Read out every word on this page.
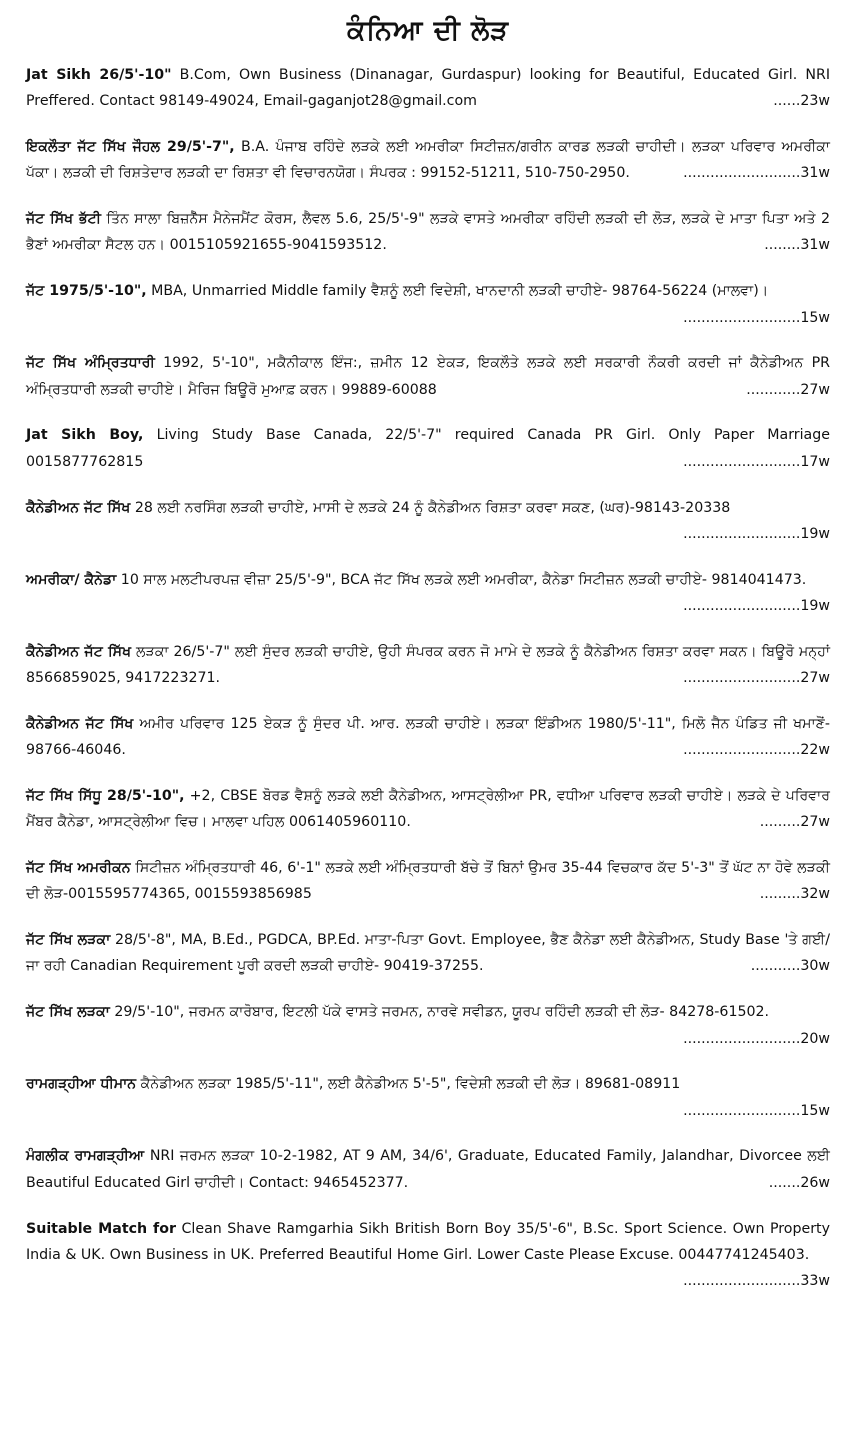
ਕੰਨਿਆ ਦੀ ਲੋੜ

Jat Sikh 26/5'-10" B.Com, Own Business (Dinanagar, Gurdaspur) looking for Beautiful, Educated Girl. NRI Preffered. Contact 98149-49024, Email-gaganjot28@gmail.com	......23w

ਇਕਲੌਤਾ ਜੱਟ ਸਿੱਖ ਜੌਹਲ 29/5'-7", B.A. ਪੰਜਾਬ ਰਹਿੰਦੇ ਲੜਕੇ ਲਈ ਅਮਰੀਕਾ ਸਿਟੀਜ਼ਨ/ਗਰੀਨ ਕਾਰਡ ਲੜਕੀ ਚਾਹੀਦੀ। ਲੜਕਾ ਪਰਿਵਾਰ ਅਮਰੀਕਾ ਪੱਕਾ। ਲੜਕੀ ਦੀ ਰਿਸ਼ਤੇਦਾਰ ਲੜਕੀ ਦਾ ਰਿਸ਼ਤਾ ਵੀ ਵਿਚਾਰਨਯੋਗ। ਸੰਪਰਕ : 99152-51211, 510-750-2950.	..........................31w

ਜੱਟ ਸਿੱਖ ਭੱਟੀ ਤਿੰਨ ਸਾਲਾ ਬਿਜ਼ਨੈੱਸ ਮੈਨੇਜਮੈਂਟ ਕੋਰਸ, ਲੈਵਲ 5.6, 25/5'-9" ਲੜਕੇ ਵਾਸਤੇ ਅਮਰੀਕਾ ਰਹਿੰਦੀ ਲੜਕੀ ਦੀ ਲੋੜ, ਲੜਕੇ ਦੇ ਮਾਤਾ ਪਿਤਾ ਅਤੇ 2 ਭੈਣਾਂ ਅਮਰੀਕਾ ਸੈਟਲ ਹਨ। 0015105921655-9041593512.	........31w

ਜੱਟ 1975/5'-10", MBA, Unmarried Middle family ਵੈਸ਼ਨੂੰ ਲਈ ਵਿਦੇਸ਼ੀ, ਖਾਨਦਾਨੀ ਲੜਕੀ ਚਾਹੀਏ- 98764-56224 (ਮਾਲਵਾ)।
..........................15w

ਜੱਟ ਸਿੱਖ ਅੰਮ੍ਰਿਤਧਾਰੀ 1992, 5'-10", ਮਕੈਨੀਕਾਲ ਇੰਜ:, ਜ਼ਮੀਨ 12 ਏਕੜ, ਇਕਲੌਤੇ ਲੜਕੇ ਲਈ ਸਰਕਾਰੀ ਨੌਕਰੀ ਕਰਦੀ ਜਾਂ ਕੈਨੇਡੀਅਨ PR ਅੰਮ੍ਰਿਤਧਾਰੀ ਲੜਕੀ ਚਾਹੀਏ। ਮੈਰਿਜ ਬਿਊਰੋ ਮੁਆਫ਼ ਕਰਨ। 99889-60088	............27w

Jat Sikh Boy, Living Study Base Canada, 22/5'-7" required Canada PR Girl. Only Paper Marriage 0015877762815	..........................17w

ਕੈਨੇਡੀਅਨ ਜੱਟ ਸਿੱਖ 28 ਲਈ ਨਰਸਿੰਗ ਲੜਕੀ ਚਾਹੀਏ, ਮਾਸੀ ਦੇ ਲੜਕੇ 24 ਨੂੰ ਕੈਨੇਡੀਅਨ ਰਿਸ਼ਤਾ ਕਰਵਾ ਸਕਣ, (ਘਰ)-98143-20338
..........................19w

ਅਮਰੀਕਾ/ ਕੈਨੇਡਾ 10 ਸਾਲ ਮਲਟੀਪਰਪਜ਼ ਵੀਜ਼ਾ 25/5'-9", BCA ਜੱਟ ਸਿੱਖ ਲੜਕੇ ਲਈ ਅਮਰੀਕਾ, ਕੈਨੇਡਾ ਸਿਟੀਜ਼ਨ ਲੜਕੀ ਚਾਹੀਏ- 9814041473.
..........................19w

ਕੈਨੇਡੀਅਨ ਜੱਟ ਸਿੱਖ ਲੜਕਾ 26/5'-7" ਲਈ ਸੁੰਦਰ ਲੜਕੀ ਚਾਹੀਏ, ਉਹੀ ਸੰਪਰਕ ਕਰਨ ਜੋ ਮਾਮੇ ਦੇ ਲੜਕੇ ਨੂੰ ਕੈਨੇਡੀਅਨ ਰਿਸ਼ਤਾ ਕਰਵਾ ਸਕਨ। ਬਿਊਰੋ ਮਨ੍ਹਾਂ 8566859025, 9417223271.	..........................27w

ਕੈਨੇਡੀਅਨ ਜੱਟ ਸਿੱਖ ਅਮੀਰ ਪਰਿਵਾਰ 125 ਏਕੜ ਨੂੰ ਸੁੰਦਰ ਪੀ. ਆਰ. ਲੜਕੀ ਚਾਹੀਏ। ਲੜਕਾ ਇੰਡੀਅਨ 1980/5'-11", ਮਿਲੋ ਜੈਨ ਪੰਡਿਤ ਜੀ ਖਮਾਣੋਂ- 98766-46046.	..........................22w

ਜੱਟ ਸਿੱਖ ਸਿੱਧੂ 28/5'-10", +2, CBSE ਬੋਰਡ ਵੈਸ਼ਨੂੰ ਲੜਕੇ ਲਈ ਕੈਨੇਡੀਅਨ, ਆਸਟ੍ਰੇਲੀਆ PR, ਵਧੀਆ ਪਰਿਵਾਰ ਲੜਕੀ ਚਾਹੀਏ। ਲੜਕੇ ਦੇ ਪਰਿਵਾਰ ਮੈਂਬਰ ਕੈਨੇਡਾ, ਆਸਟ੍ਰੇਲੀਆ ਵਿਚ। ਮਾਲਵਾ ਪਹਿਲ 0061405960110.	.........27w

ਜੱਟ ਸਿੱਖ ਅਮਰੀਕਨ ਸਿਟੀਜ਼ਨ ਅੰਮ੍ਰਿਤਧਾਰੀ 46, 6'-1" ਲੜਕੇ ਲਈ ਅੰਮ੍ਰਿਤਧਾਰੀ ਬੱਚੇ ਤੋਂ ਬਿਨਾਂ ਉਮਰ 35-44 ਵਿਚਕਾਰ ਕੱਦ 5'-3" ਤੋਂ ਘੱਟ ਨਾ ਹੋਵੇ ਲੜਕੀ ਦੀ ਲੋੜ-0015595774365, 0015593856985	.........32w

ਜੱਟ ਸਿੱਖ ਲੜਕਾ 28/5'-8", MA, B.Ed., PGDCA, BP.Ed. ਮਾਤਾ-ਪਿਤਾ Govt. Employee, ਭੈਣ ਕੈਨੇਡਾ ਲਈ ਕੈਨੇਡੀਅਨ, Study Base 'ਤੇ ਗਈ/ਜਾ ਰਹੀ Canadian Requirement ਪੂਰੀ ਕਰਦੀ ਲੜਕੀ ਚਾਹੀਏ- 90419-37255.	...........30w

ਜੱਟ ਸਿੱਖ ਲੜਕਾ 29/5'-10", ਜਰਮਨ ਕਾਰੋਬਾਰ, ਇਟਲੀ ਪੱਕੇ ਵਾਸਤੇ ਜਰਮਨ, ਨਾਰਵੇ ਸਵੀਡਨ, ਯੂਰਪ ਰਹਿੰਦੀ ਲੜਕੀ ਦੀ ਲੋੜ- 84278-61502.
..........................20w

ਰਾਮਗੜ੍ਹੀਆ ਧੀਮਾਨ ਕੈਨੇਡੀਅਨ ਲੜਕਾ 1985/5'-11", ਲਈ ਕੈਨੇਡੀਅਨ 5'-5", ਵਿਦੇਸ਼ੀ ਲੜਕੀ ਦੀ ਲੋੜ। 89681-08911
..........................15w

ਮੰਗਲੀਕ ਰਾਮਗੜ੍ਹੀਆ NRI ਜਰਮਨ ਲੜਕਾ 10-2-1982, AT 9 AM, 34/6', Graduate, Educated Family, Jalandhar, Divorcee ਲਈ Beautiful Educated Girl ਚਾਹੀਦੀ। Contact: 9465452377.	.......26w

Suitable Match for Clean Shave Ramgarhia Sikh British Born Boy 35/5'-6", B.Sc. Sport Science. Own Property India & UK. Own Business in UK. Preferred Beautiful Home Girl. Lower Caste Please Excuse. 00447741245403.
..........................33w
